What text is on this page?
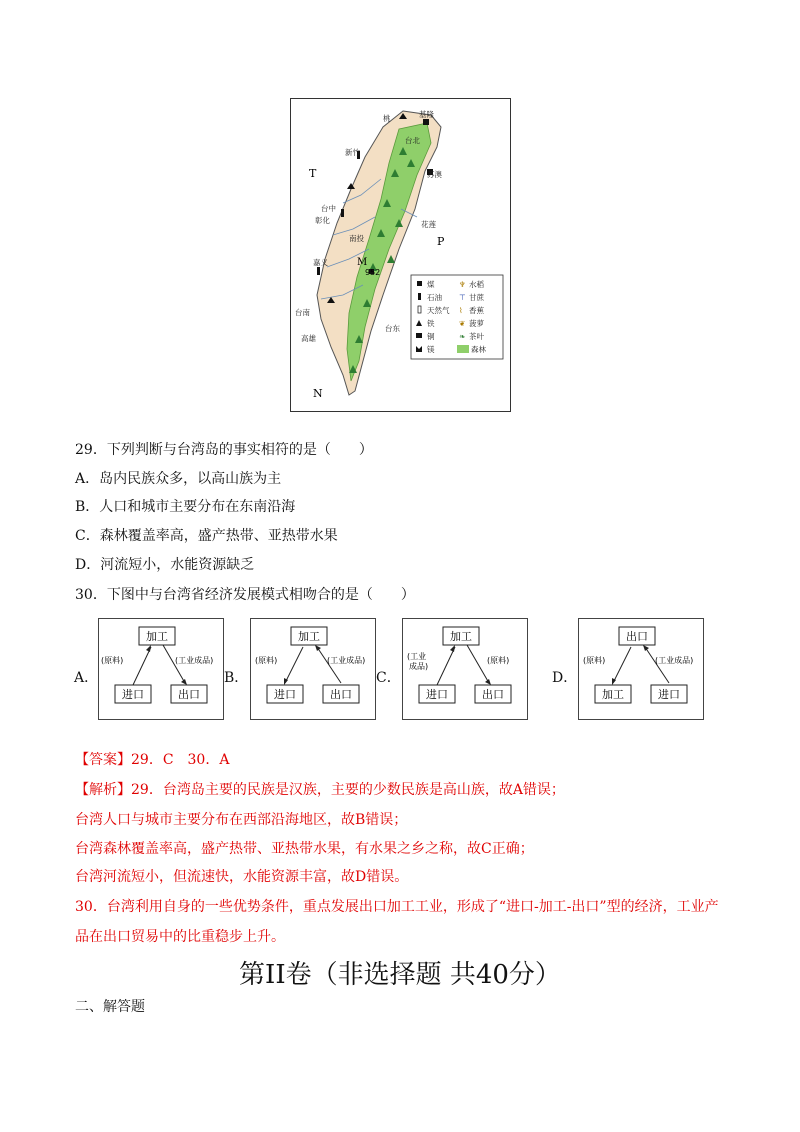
T
P
M
N
952
基隆
台北
桃
新竹
苏澳
台中
彰化	花莲
南投
嘉义
台南
台东
高雄
煤	♆ 水稻
石油 ⊤ 甘蔗
天然气 ⌇ 香蕉
铁	❦ 菠萝
铜	❧ 茶叶
镁	森林
29．下列判断与台湾岛的事实相符的是（　　）
A．岛内民族众多，以高山族为主
B．人口和城市主要分布在东南沿海
C．森林覆盖率高，盛产热带、亚热带水果
D．河流短小，水能资源缺乏
30．下图中与台湾省经济发展模式相吻合的是（　　）
A．
加工
进口	出口
(原料)	(工业成品)
B．
加工
进口	出口
(原料)	(工业成品)
C．
加工
进口	出口
(工业
成品)
(原料)
D．
出口
加工	进口
(原料)	(工业成品)
【答案】29．C　30．A
【解析】29．台湾岛主要的民族是汉族，主要的少数民族是高山族，故A错误；
台湾人口与城市主要分布在西部沿海地区，故B错误；
台湾森林覆盖率高，盛产热带、亚热带水果，有水果之乡之称，故C正确；
台湾河流短小，但流速快，水能资源丰富，故D错误。
30．台湾利用自身的一些优势条件，重点发展出口加工工业，形成了“进口-加工-出口”型的经济，工业产
品在出口贸易中的比重稳步上升。
第II卷（非选择题 共40分）
二、解答题
